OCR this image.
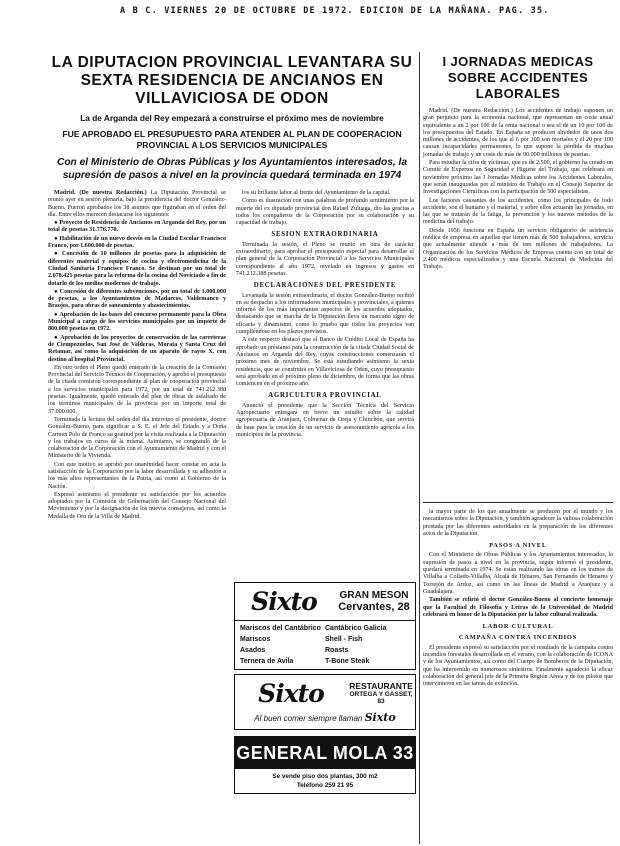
A B C. VIERNES 20 DE OCTUBRE DE 1972. EDICION DE LA MAÑANA. PAG. 35.
LA DIPUTACION PROVINCIAL LEVANTARA SU SEXTA RESIDENCIA DE ANCIANOS EN VILLAVICIOSA DE ODON
La de Arganda del Rey empezará a construirse el próximo mes de noviembre
FUE APROBADO EL PRESUPUESTO PARA ATENDER AL PLAN DE COOPERACION PROVINCIAL A LOS SERVICIOS MUNICIPALES
Con el Ministerio de Obras Públicas y los Ayuntamientos interesados, la supresión de pasos a nivel en la provincia quedará terminada en 1974

Madrid. (De nuestra Redacción.) La Diputación Provincial se reunió ayer en sesión plenaria, bajo la presidencia del doctor González-Bueno. Fueron aprobados los 38 asuntos que figuraban en el orden del día. Entre ellos merecen destacarse los siguientes:

● Proyecto de Residencia de Ancianos en Arganda del Rey, por un total de pesetas 31.776.770.

● Habilitación de un nuevo desvío en la Ciudad Escolar Francisco Franco, por 1.600.000 de pesetas.

● Concesión de 10 millones de pesetas para la adquisición de diferentes material y equipos de cocina y electromedicina de la Ciudad Sanitaria Francisco Franco. Se destinan por un total de 2.078.421 pesetas para la reforma de la cocina del Noviciado a fin de dotarlo de los medios modernos de trabajo.

● Concesión de diferentes subvenciones, por un total de 1.000.000 de pesetas, a los Ayuntamientos de Madarcos, Valdemanco y Braojos, para obras de saneamiento y abastecimientos.

● Aprobación de las bases del concurso permanente para la Obra Municipal a cargo de los servicios municipales por un importe de 800.000 pesetas en 1972.

● Aprobación de los proyectos de conservación de las carreteras de Ciempozuelos, San José de Valderas, Morata y Santa Cruz del Retamar, así como la adquisición de un aparato de rayos X, con destino al hospital Provincial.

En otro orden el Pleno quedó enterado de la creación de la Comisión Provincial del Servicio Técnico de Cooperación, y aprobó el presupuesto de la citada comisión correspondiente al plan de cooperación provincial a los servicios municipales para 1972, por un total de 741.212.388 pesetas. Igualmente, quedó enterado del plan de obras de asfaltado de los términos municipales de la provincia por un importe total de 37.000.000.

Terminada la lectura del orden del día intervino el presidente, doctor González-Bueno, para significar a S. E. el Jefe del Estado y a Doña Carmen Polo de Franco su gratitud por la visita realizada a la Diputación y los trabajos en curso de la misma. Asimismo, se congratuló de la colaboración de la Corporación con el Ayuntamiento de Madrid y con el Ministerio de la Vivienda.

Con este motivo se aprobó por unanimidad hacer constar en acta la satisfacción de la Corporación por la labor desarrollada y su adhesión a los más altos representantes de la Patria, así como al Gobierno de la Nación.

Expresó asimismo el presidente su satisfacción por los acuerdos adoptados por la Comisión de Gobernación del Consejo Nacional del Movimiento y por la designación de los nuevos consejeros, así como la Medalla de Oro de la Villa de Madrid.

tos su brillante labor al frente del Ayuntamiento de la capital.

Como es ilustración con unas palabras de profundo sentimiento por la muerte del ex diputado provincial don Rafael Zuluaga, dio las gracias a todos los compañeros de la Corporación por su colaboración y su capacidad de trabajo.

SESION EXTRAORDINARIA

Terminada la sesión, el Pleno se reunió en otra de carácter extraordinario, para aprobar el presupuesto especial para desarrollar el plan general de la Corporación Provincial a los Servicios Municipales correspondiente al año 1972, nivelado en ingresos y gastos en 741.212.388 pesetas.

DECLARACIONES DEL PRESIDENTE

Levantada la sesión extraordinaria, el doctor González-Bueno recibió en su despacho a los informadores municipales y provinciales, a quienes informó de los más importantes aspectos de los acuerdos adoptados, destacando que se marcha de la Diputación lleva un marcado signo de eficacia y dinamismo, como lo prueba que todos los proyectos van cumpliéndose en los plazos previstos.

A este respecto destacó que el Banco de Crédito Local de España ha aprobado un préstamo para la construcción de la citada Ciudad Social de Ancianos en Arganda del Rey, cuyas construcciones comenzarán el próximo mes de noviembre. Se está estudiando asimismo la sexta residencia, que se construirá en Villaviciosa de Odón, cuyo presupuesto será aprobado en el próximo pleno de diciembre, de forma que las obras comiencen en el próximo año.

AGRICULTURA PROVINCIAL

Anunció el presidente que la Sección Técnica del Servicio Agropecuario entregará en breve un estudio sobre la calidad agropecuaria de Aranjuez, Colmenar de Oreja y Chinchón, que servirá de base para la creación de un servicio de asesoramiento agrícola a los municipios de la provincia.

Sixto	GRAN MESON
Cervantes, 28
Mariscos del Cantábrico
Mariscos
Asados
Ternera de Avila
Cantábrico Galicia
Shell - Fish
Roasts
T-Bone Steak
Sixto	RESTAURANTE
ORTEGA Y GASSET, 83
Al buen comer siempre llaman Sixto
GENERAL MOLA 33
Se vende piso dos plantas, 300 m2
Teléfono 259 21 95
I JORNADAS MEDICAS SOBRE ACCIDENTES LABORALES

Madrid. (De nuestra Redacción.) Los accidentes de trabajo suponen un gran perjuicio para la economía nacional, que representan un coste anual equivalente a un 2 por 100 de la renta nacional o sea el de un 10 por 100 de los presupuestos del Estado. En España se producen alrededor de unos dos millones de accidentes, de los que el 6 por 100 son mortales y el 20 por 100 causan incapacidades permanentes, lo que supone la pérdida de muchas jornadas de trabajo y un coste de más de 90.000 millones de pesetas.

Para estudiar la cifra de víctimas, que es de 2.500, el gobierno ha creado un Comité de Expertos en Seguridad e Higiene del Trabajo, que celebrará en noviembre próximo las I Jornadas Médicas sobre los Accidentes Laborales, que serán inauguradas por el ministro de Trabajo en el Consejo Superior de Investigaciones Científicas con la participación de 500 especialistas.

Los factores causantes de los accidentes, como los principales de todo accidente, son el humano y el material, y sobre ellos actuarán las jornadas, en las que se tratarán de la fatiga, la prevención y los nuevos métodos de la medicina del trabajo.

Desde 1956 funciona en España un servicio obligatorio de asistencia médica de empresa en aquellas que tienen más de 500 trabajadores, servicio que actualmente atiende a más de tres millones de trabajadores. La Organización de los Servicios Médicos de Empresa cuenta con un total de 2.400 médicos especializados y una Escuela Nacional de Medicina del Trabajo.

la mayor parte de los que anualmente se producen por el mundo y los mecanismos sobre la Diputación, y también agradecer la valiosa colaboración prestada por las diferentes autoridades en la preparación de los diferentes actos de la Diputación.

PASOS A NIVEL

Con el Ministerio de Obras Públicas y los Ayuntamientos interesados, la supresión de pasos a nivel en la provincia, según informó el presidente, quedará terminada en 1974. Se están realizando las obras en los tramos de Villalba a Collado-Villalba, Alcalá de Henares, San Fernando de Henares y Torrejón de Ardoz, así como en las líneas de Madrid a Aranjuez y a Guadalajara.

También se refirió el doctor González-Bueno al concierto homenaje que la Facultad de Filosofía y Letras de la Universidad de Madrid celebrará en honor de la Diputación por la labor cultural realizada.

LABOR CULTURAL
CAMPAÑA CONTRA INCENDIOS

El presidente expresó su satisfacción por el resultado de la campaña contra incendios forestales desarrollada en el verano, con la colaboración de ICONA y de los Ayuntamientos, así como del Cuerpo de Bomberos de la Diputación, que ha intervenido en numerosos siniestros. Finalmente agradeció la eficaz colaboración del general jefe de la Primera Región Aérea y de los pilotos que intervinieron en las tareas de extinción.
